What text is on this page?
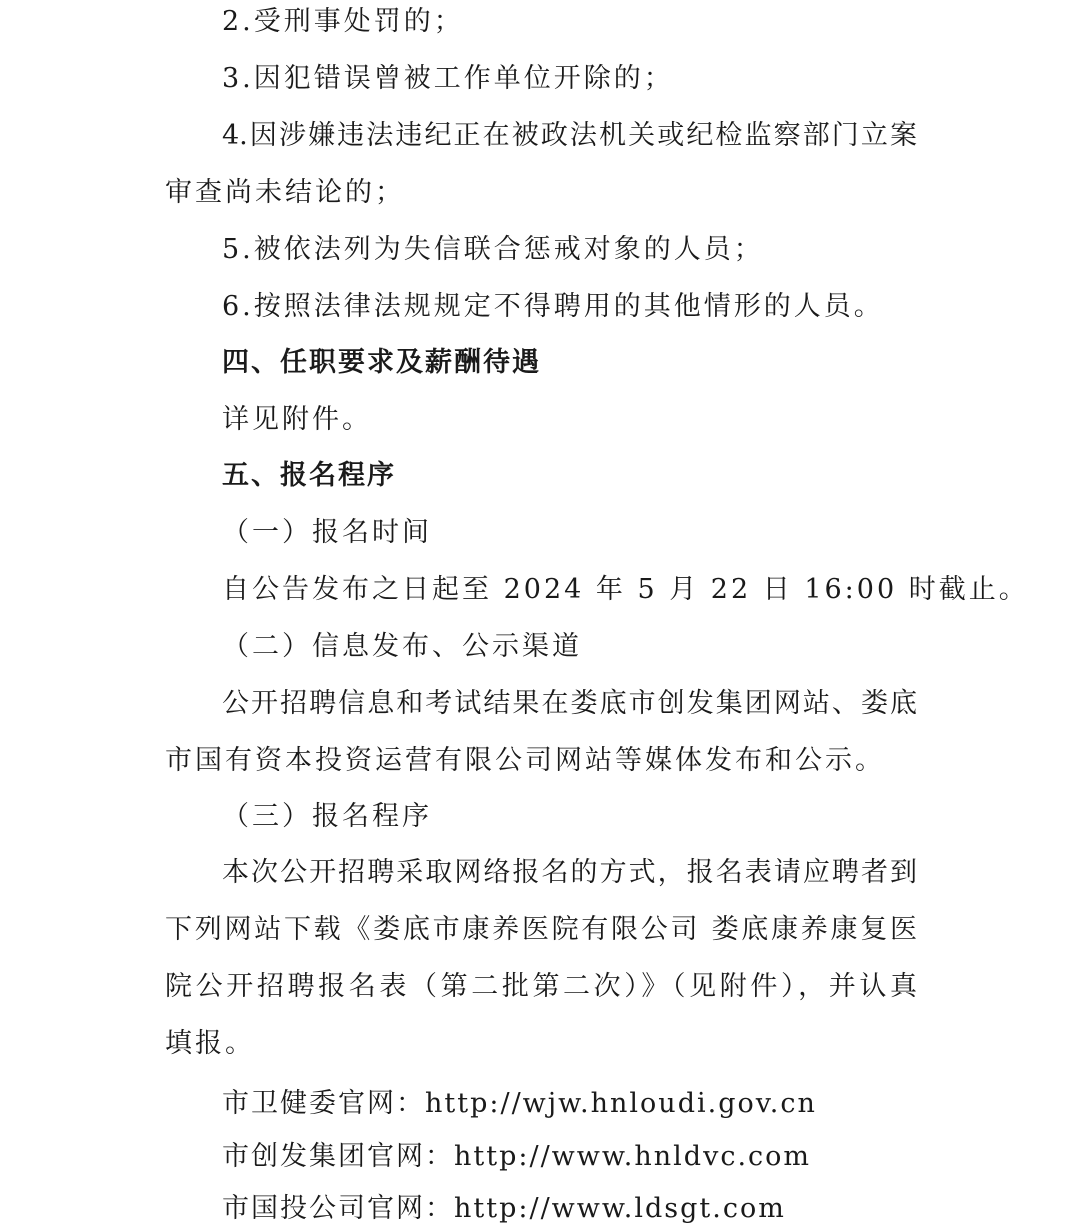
2.受刑事处罚的；
3.因犯错误曾被工作单位开除的；
4.因涉嫌违法违纪正在被政法机关或纪检监察部门立案
审查尚未结论的；
5.被依法列为失信联合惩戒对象的人员；
6.按照法律法规规定不得聘用的其他情形的人员。
四、任职要求及薪酬待遇
详见附件。
五、报名程序
（一）报名时间
自公告发布之日起至 2024 年 5 月 22 日 16:00 时截止。
（二）信息发布、公示渠道
公开招聘信息和考试结果在娄底市创发集团网站、娄底
市国有资本投资运营有限公司网站等媒体发布和公示。
（三）报名程序
本次公开招聘采取网络报名的方式，报名表请应聘者到
下列网站下载《娄底市康养医院有限公司 娄底康养康复医
院公开招聘报名表（第二批第二次）》（见附件），并认真
填报。
市卫健委官网：http://wjw.hnloudi.gov.cn
市创发集团官网：http://www.hnldvc.com
市国投公司官网：http://www.ldsgt.com
